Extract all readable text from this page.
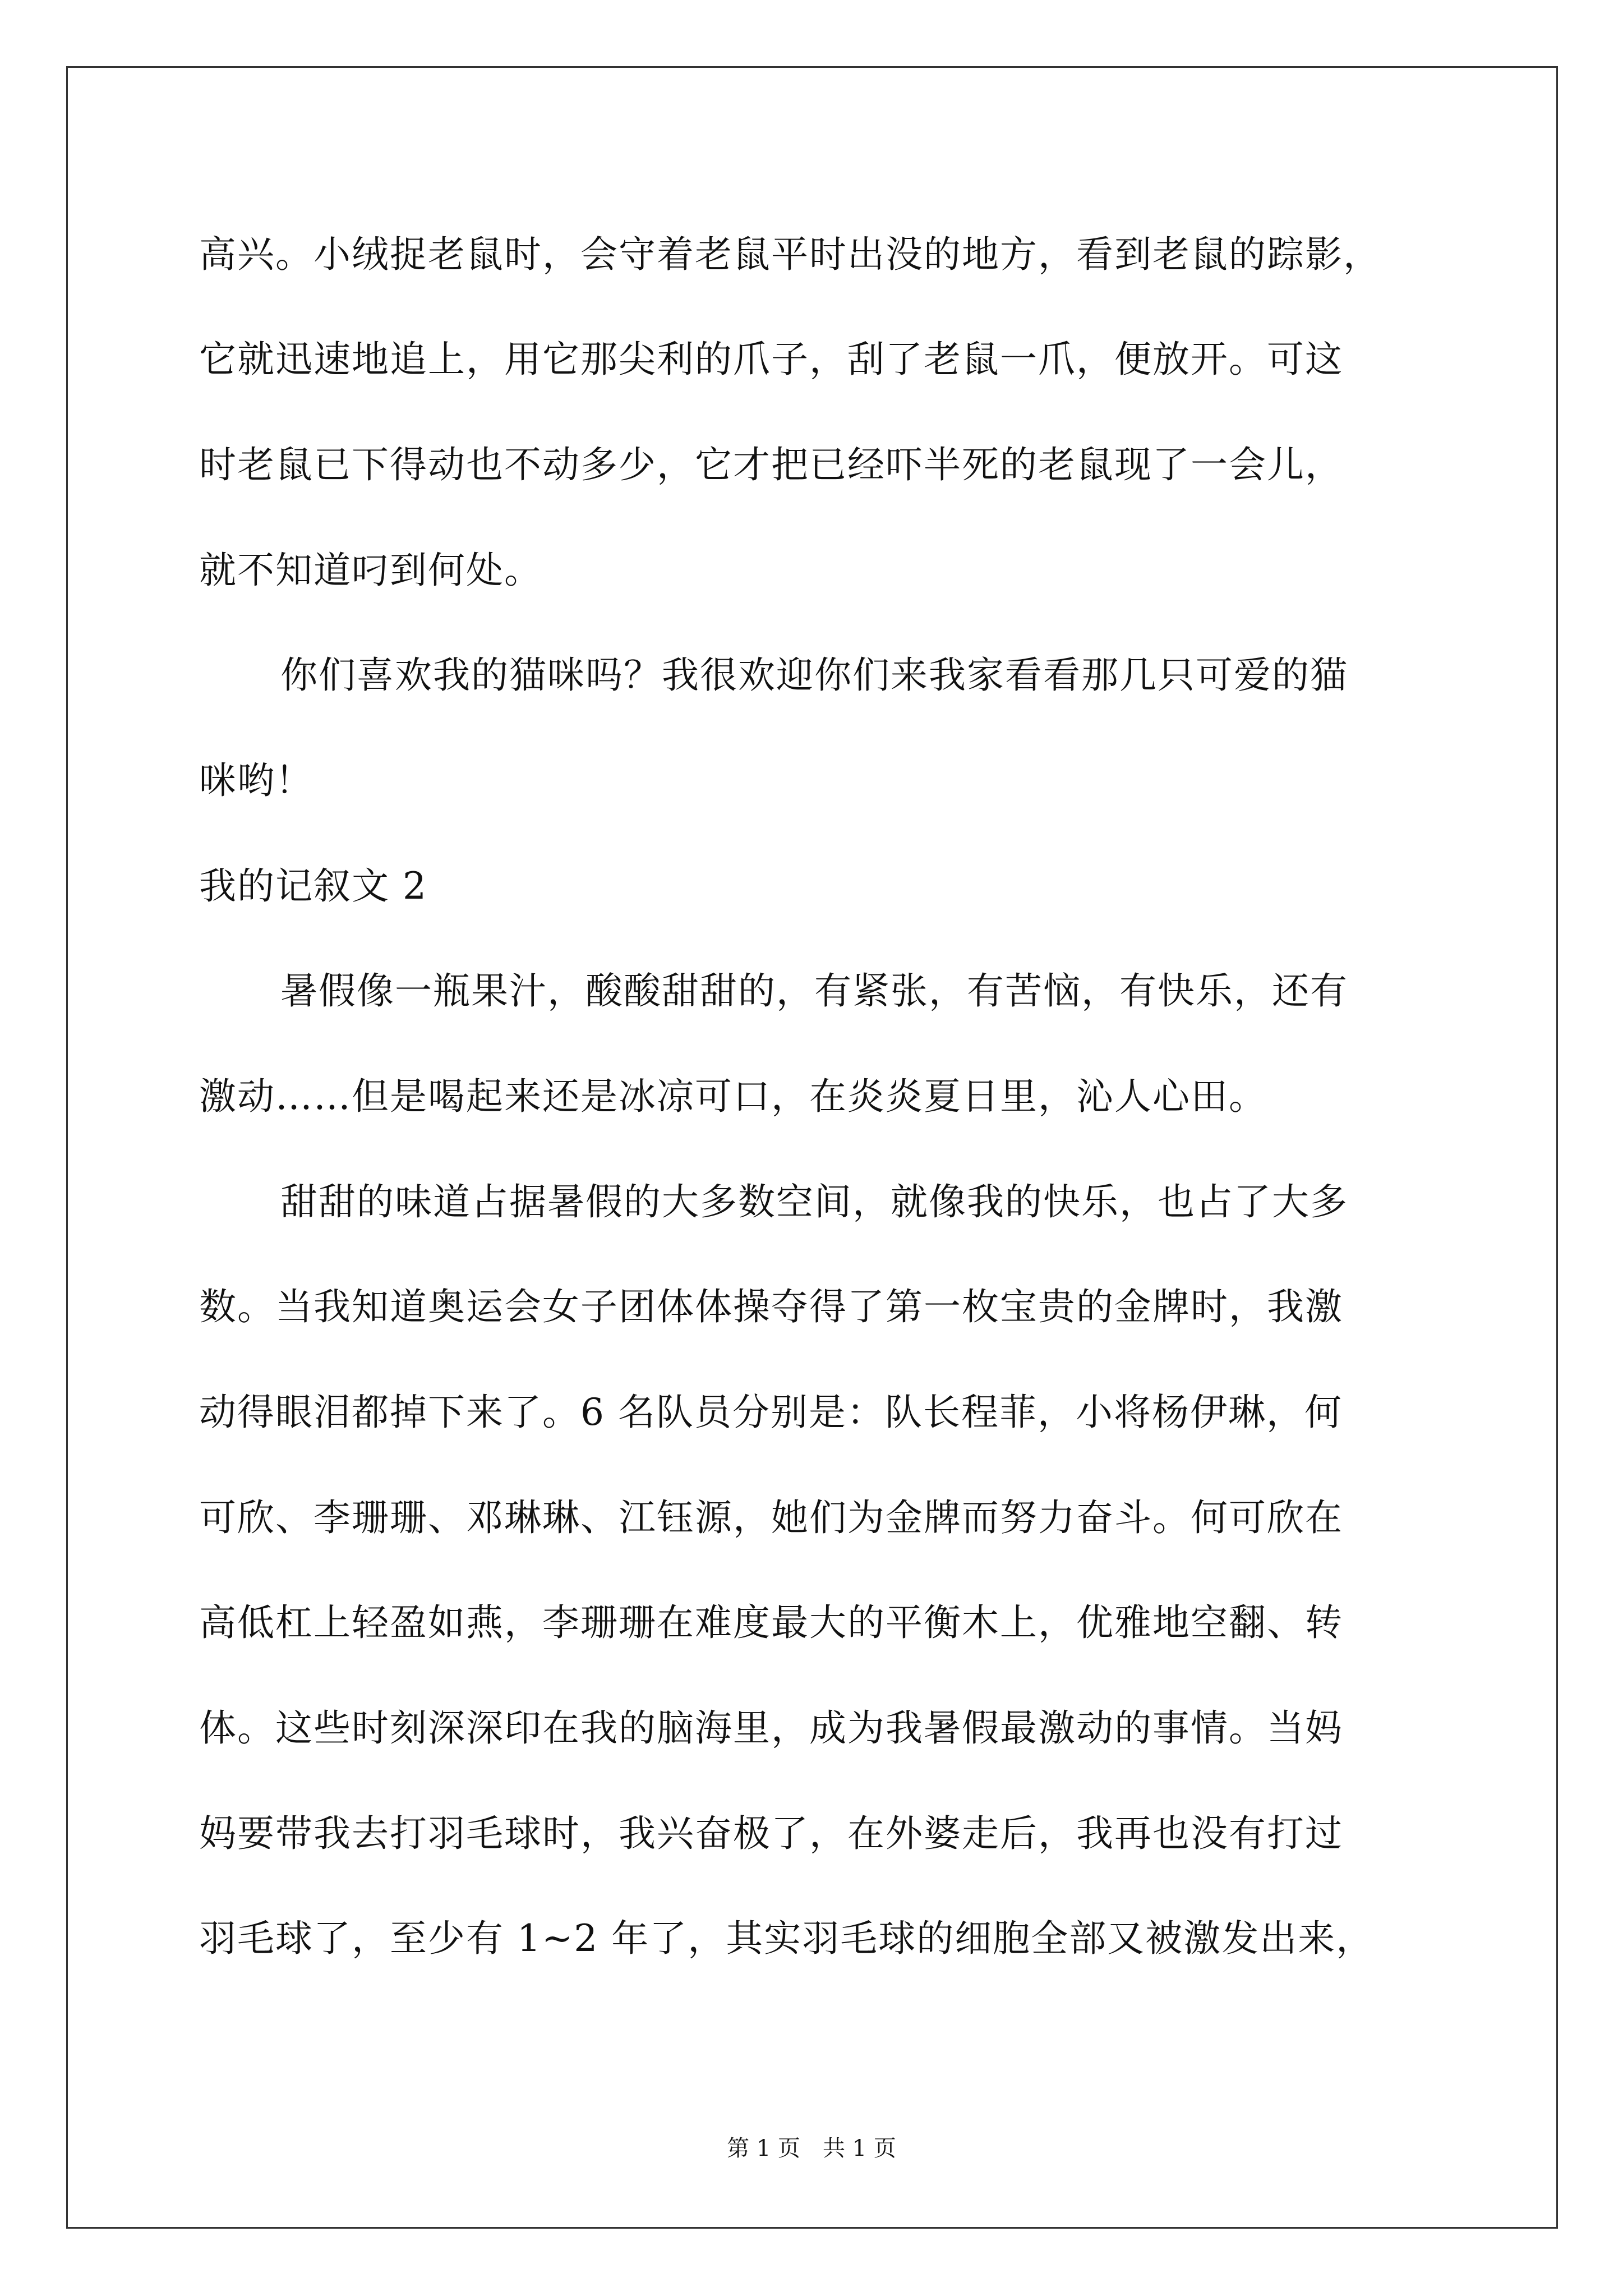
高兴。小绒捉老鼠时，会守着老鼠平时出没的地方，看到老鼠的踪影，
它就迅速地追上，用它那尖利的爪子，刮了老鼠一爪，便放开。可这
时老鼠已下得动也不动多少，它才把已经吓半死的老鼠现了一会儿，
就不知道叼到何处。
你们喜欢我的猫咪吗？我很欢迎你们来我家看看那几只可爱的猫
咪哟！
我的记叙文 2
暑假像一瓶果汁，酸酸甜甜的，有紧张，有苦恼，有快乐，还有
激动……但是喝起来还是冰凉可口，在炎炎夏日里，沁人心田。
甜甜的味道占据暑假的大多数空间，就像我的快乐，也占了大多
数。当我知道奥运会女子团体体操夺得了第一枚宝贵的金牌时，我激
动得眼泪都掉下来了。6 名队员分别是：队长程菲，小将杨伊琳，何
可欣、李珊珊、邓琳琳、江钰源，她们为金牌而努力奋斗。何可欣在
高低杠上轻盈如燕，李珊珊在难度最大的平衡木上，优雅地空翻、转
体。这些时刻深深印在我的脑海里，成为我暑假最激动的事情。当妈
妈要带我去打羽毛球时，我兴奋极了，在外婆走后，我再也没有打过
羽毛球了，至少有 1~2 年了，其实羽毛球的细胞全部又被激发出来，
第 1 页　共 1 页
